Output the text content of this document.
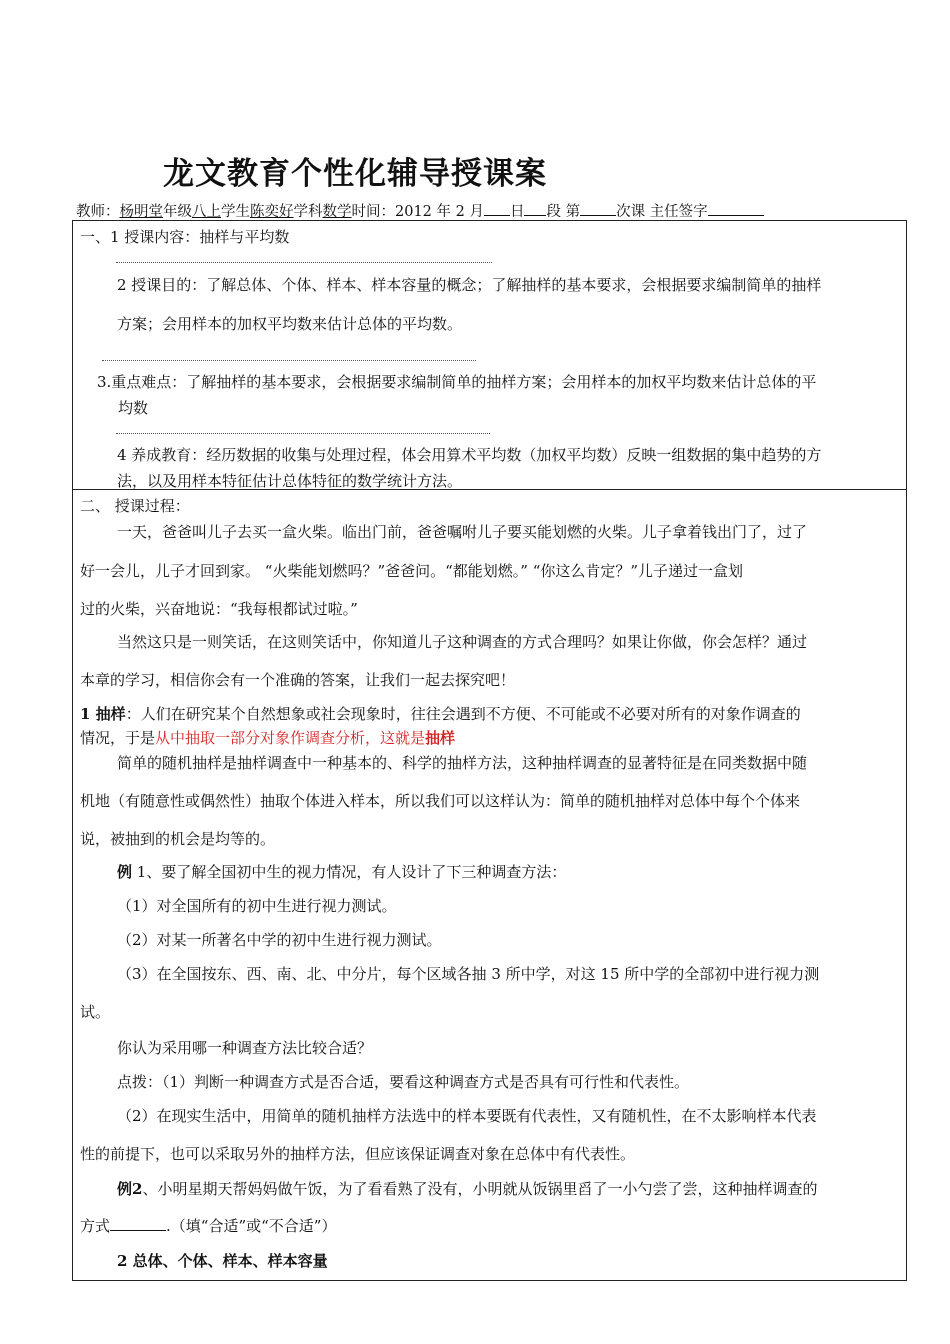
龙文教育个性化辅导授课案
教师：杨明堂年级八上学生陈奕好学科数学时间：2012 年 2 月 日 段 第 次课 主任签字
一、1 授课内容：抽样与平均数
2 授课目的：了解总体、个体、样本、样本容量的概念；了解抽样的基本要求，会根据要求编制简单的抽样
方案；会用样本的加权平均数来估计总体的平均数。
3.重点难点：了解抽样的基本要求，会根据要求编制简单的抽样方案；会用样本的加权平均数来估计总体的平
均数
4 养成教育：经历数据的收集与处理过程，体会用算术平均数（加权平均数）反映一组数据的集中趋势的方
法，以及用样本特征估计总体特征的数学统计方法。
二、 授课过程：
一天，爸爸叫儿子去买一盒火柴。临出门前，爸爸嘱咐儿子要买能划燃的火柴。儿子拿着钱出门了，过了
好一会儿，儿子才回到家。 “火柴能划燃吗？”爸爸问。“都能划燃。” “你这么肯定？”儿子递过一盒划
过的火柴，兴奋地说：“我每根都试过啦。”
当然这只是一则笑话，在这则笑话中，你知道儿子这种调查的方式合理吗？如果让你做，你会怎样？通过
本章的学习，相信你会有一个准确的答案，让我们一起去探究吧！
1 抽样：人们在研究某个自然想象或社会现象时，往往会遇到不方便、不可能或不必要对所有的对象作调查的
情况，于是从中抽取一部分对象作调查分析，这就是抽样
简单的随机抽样是抽样调查中一种基本的、科学的抽样方法，这种抽样调查的显著特征是在同类数据中随
机地（有随意性或偶然性）抽取个体进入样本，所以我们可以这样认为：简单的随机抽样对总体中每个个体来
说，被抽到的机会是均等的。
例 1、要了解全国初中生的视力情况，有人设计了下三种调查方法：
（1）对全国所有的初中生进行视力测试。
（2）对某一所著名中学的初中生进行视力测试。
（3）在全国按东、西、南、北、中分片，每个区域各抽 3 所中学，对这 15 所中学的全部初中进行视力测
试。
你认为采用哪一种调查方法比较合适？
点拨：（1）判断一种调查方式是否合适，要看这种调查方式是否具有可行性和代表性。
（2）在现实生活中，用简单的随机抽样方法选中的样本要既有代表性，又有随机性，在不太影响样本代表
性的前提下，也可以采取另外的抽样方法，但应该保证调查对象在总体中有代表性。
例2、小明星期天帮妈妈做午饭，为了看看熟了没有，小明就从饭锅里舀了一小勺尝了尝，这种抽样调查的
方式	.（填“合适”或“不合适”）
2 总体、个体、样本、样本容量
